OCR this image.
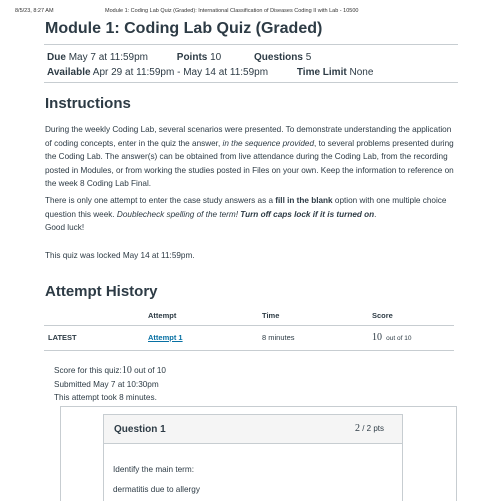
8/5/23, 8:27 AM	Module 1: Coding Lab Quiz (Graded): International Classification of Diseases Coding II with Lab - 10500
Module 1: Coding Lab Quiz (Graded)
Due May 7 at 11:59pm	Points 10	Questions 5
Available Apr 29 at 11:59pm - May 14 at 11:59pm	Time Limit None
Instructions

During the weekly Coding Lab, several scenarios were presented. To demonstrate understanding the application of coding concepts, enter in the quiz the answer, in the sequence provided, to several problems presented during the Coding Lab. The answer(s) can be obtained from live attendance during the Coding Lab, from the recording posted in Modules, or from working the studies posted in Files on your own. Keep the information to reference on the week 8 Coding Lab Final.

There is only one attempt to enter the case study answers as a fill in the blank option with one multiple choice question this week. Doublecheck spelling of the term! Turn off caps lock if it is turned on.
Good luck!

This quiz was locked May 14 at 11:59pm.

Attempt History
	Attempt	Time	Score
LATEST	Attempt 1	8 minutes	10 out of 10
Score for this quiz:10 out of 10
Submitted May 7 at 10:30pm
This attempt took 8 minutes.
Question 1	2 / 2 pts
Identify the main term:
dermatitis due to allergy
